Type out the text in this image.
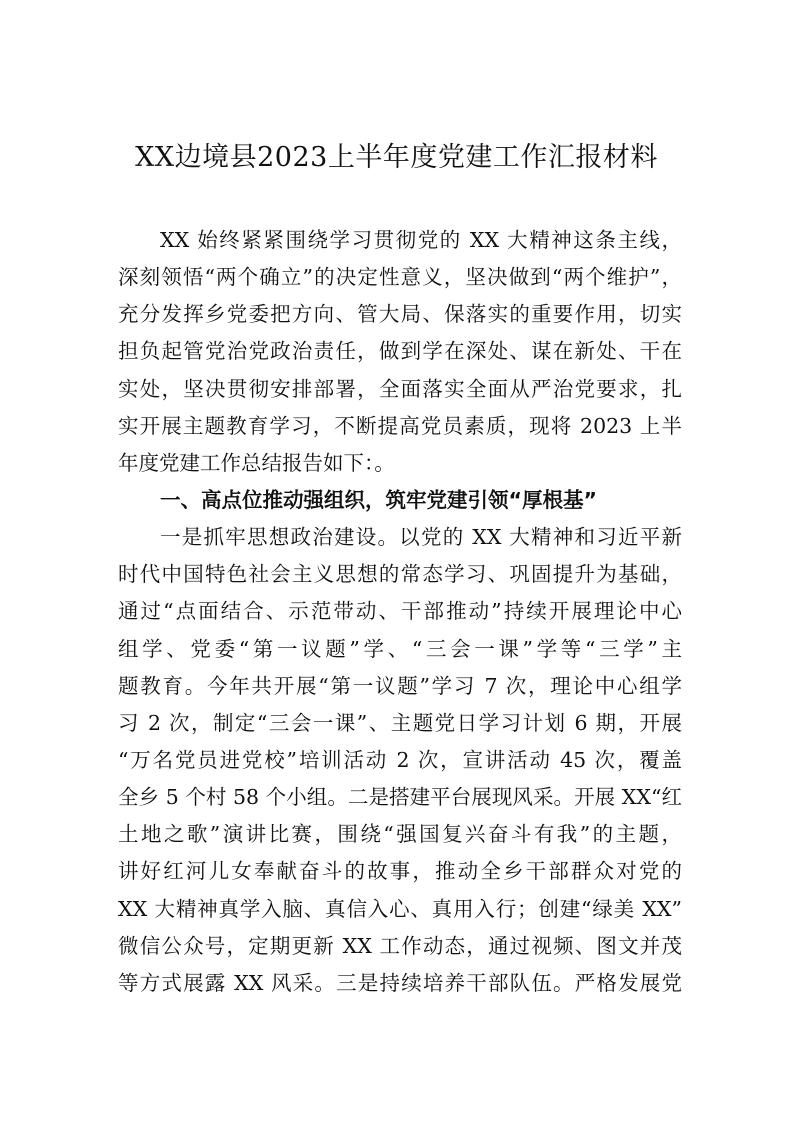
XX边境县2023上半年度党建工作汇报材料
XX 始终紧紧围绕学习贯彻党的 XX 大精神这条主线，
深刻领悟“两个确立”的决定性意义，坚决做到“两个维护”，
充分发挥乡党委把方向、管大局、保落实的重要作用，切实
担负起管党治党政治责任，做到学在深处、谋在新处、干在
实处，坚决贯彻安排部署，全面落实全面从严治党要求，扎
实开展主题教育学习，不断提高党员素质，现将 2023 上半
年度党建工作总结报告如下：。
一、高点位推动强组织，筑牢党建引领“厚根基”
一是抓牢思想政治建设。以党的 XX 大精神和习近平新
时代中国特色社会主义思想的常态学习、巩固提升为基础，
通过“点面结合、示范带动、干部推动”持续开展理论中心
组学、党委“第一议题”学、“三会一课”学等“三学”主
题教育。今年共开展“第一议题”学习 7 次，理论中心组学
习 2 次，制定“三会一课”、主题党日学习计划 6 期，开展
“万名党员进党校”培训活动 2 次，宣讲活动 45 次，覆盖
全乡 5 个村 58 个小组。二是搭建平台展现风采。开展 XX“红
土地之歌”演讲比赛，围绕“强国复兴奋斗有我”的主题，
讲好红河儿女奉献奋斗的故事，推动全乡干部群众对党的
XX 大精神真学入脑、真信入心、真用入行；创建“绿美 XX”
微信公众号，定期更新 XX 工作动态，通过视频、图文并茂
等方式展露 XX 风采。三是持续培养干部队伍。严格发展党
